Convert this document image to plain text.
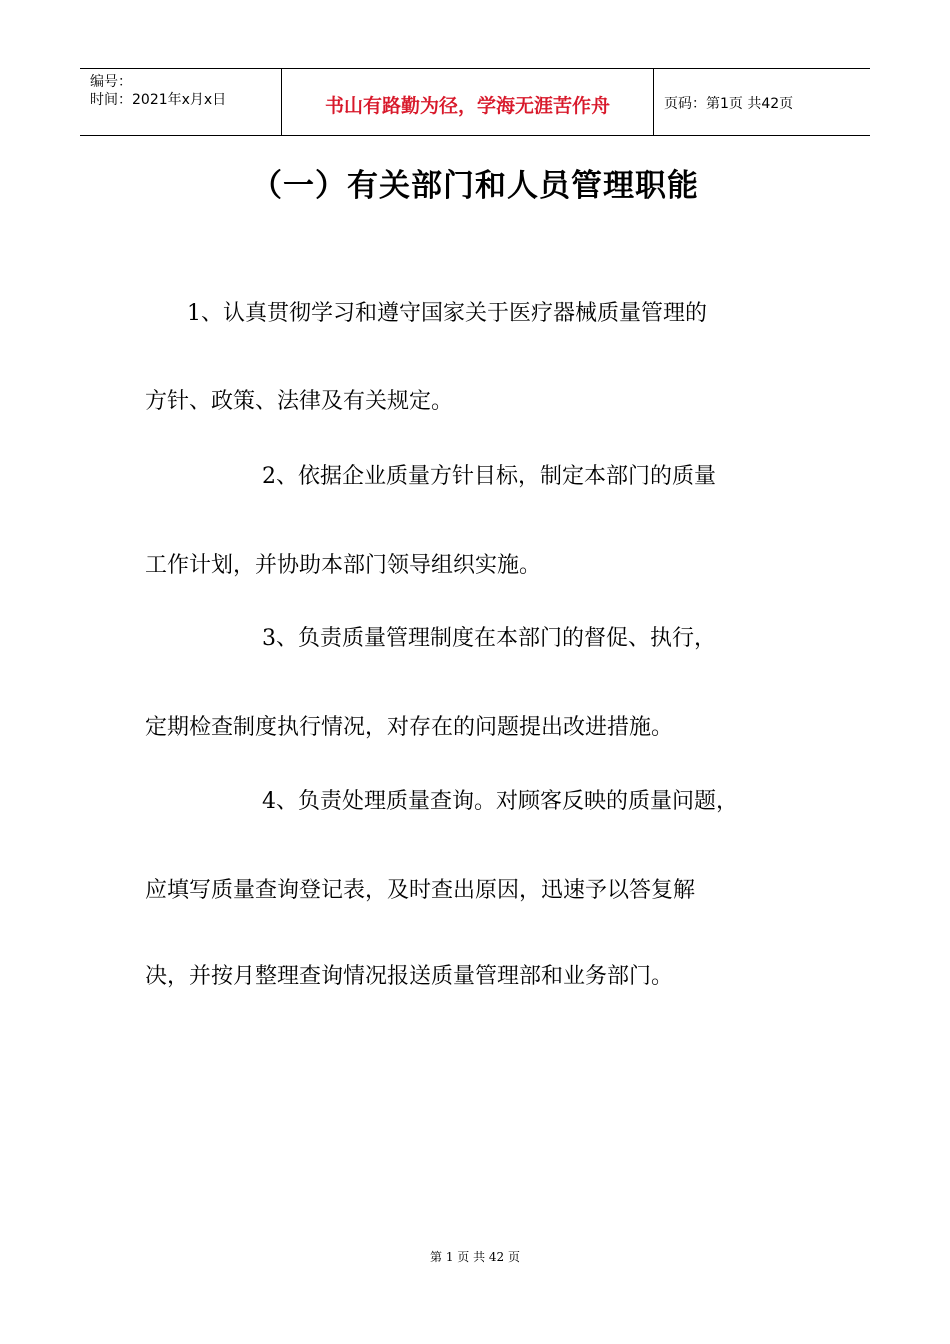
编号：
时间：2021年x月x日	书山有路勤为径，学海无涯苦作舟	页码：第1页 共42页
（一）有关部门和人员管理职能
1、认真贯彻学习和遵守国家关于医疗器械质量管理的
方针、政策、法律及有关规定。
2、依据企业质量方针目标，制定本部门的质量
工作计划，并协助本部门领导组织实施。
3、负责质量管理制度在本部门的督促、执行，
定期检查制度执行情况，对存在的问题提出改进措施。
4、负责处理质量查询。对顾客反映的质量问题，
应填写质量查询登记表，及时查出原因，迅速予以答复解
决，并按月整理查询情况报送质量管理部和业务部门。
第 1 页 共 42 页
